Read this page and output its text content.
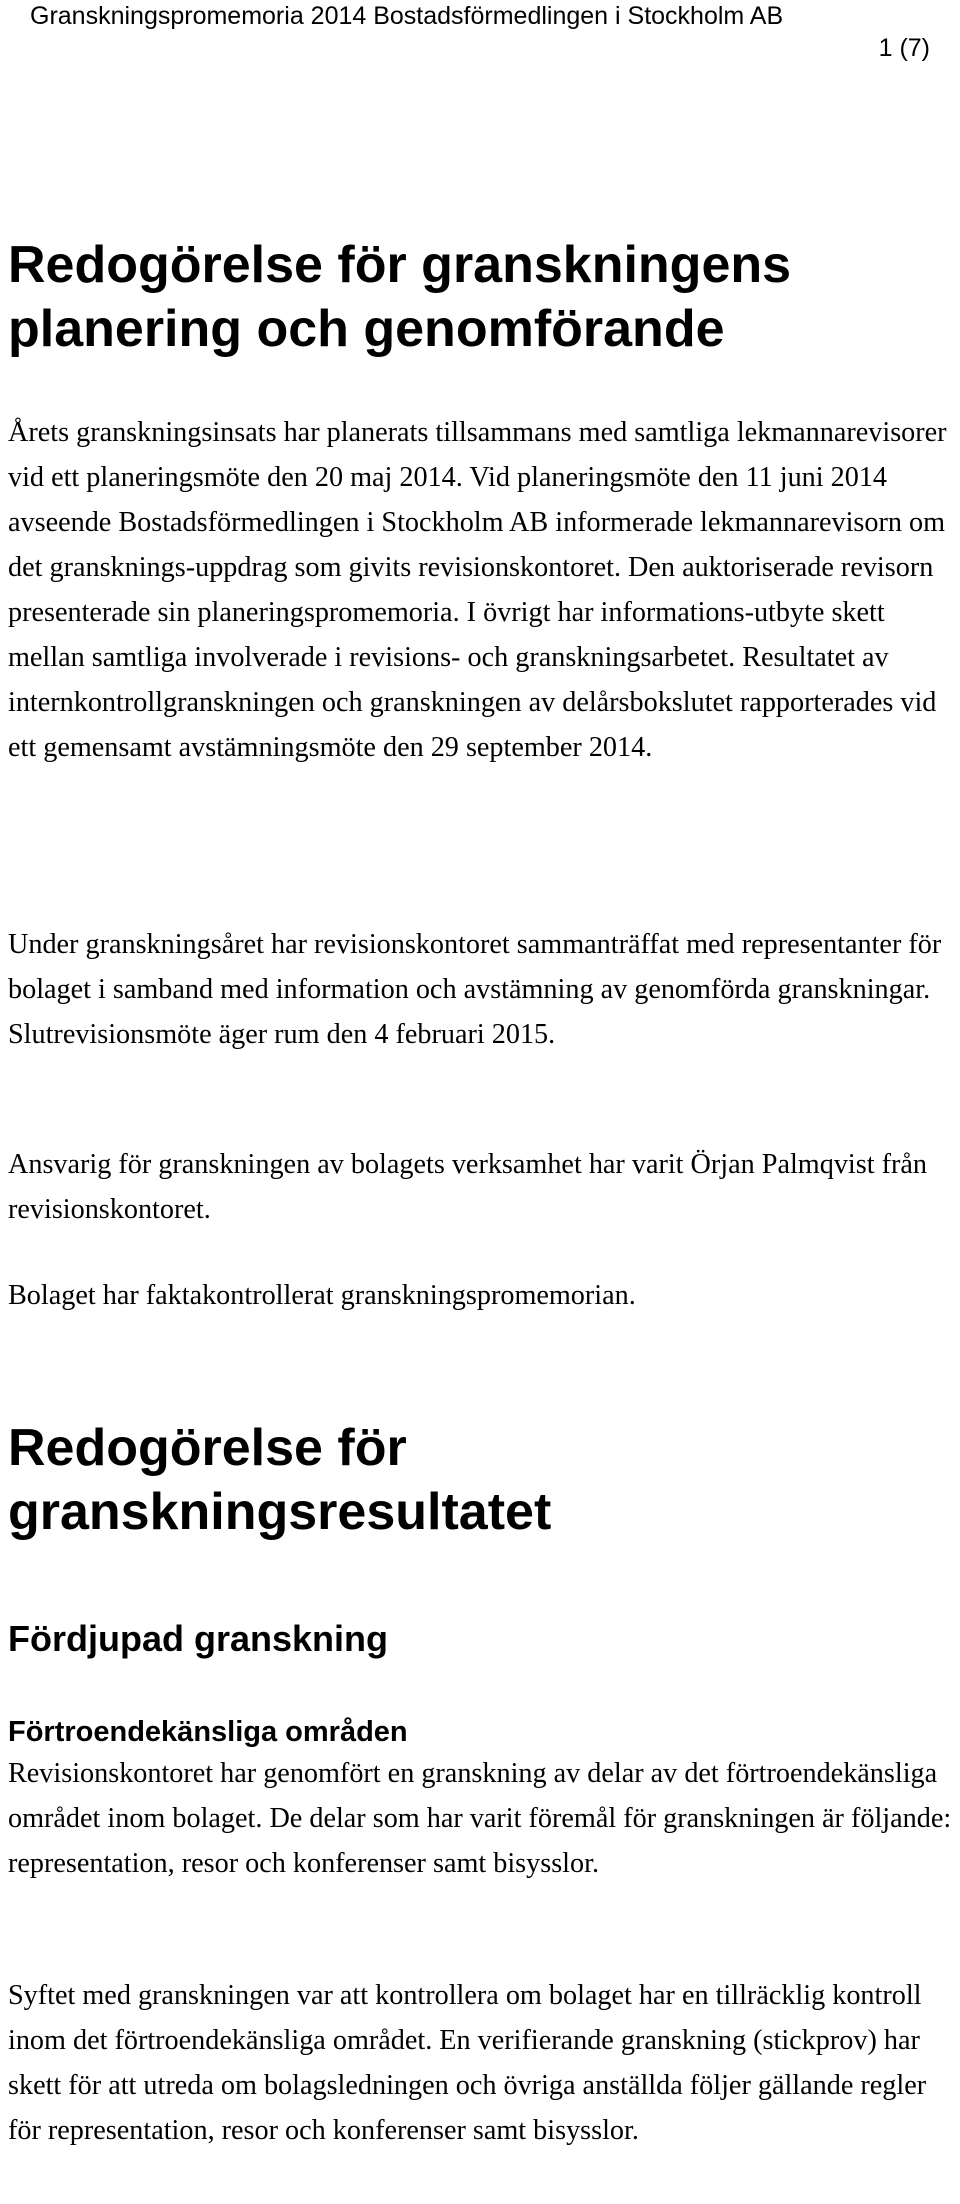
Granskningspromemoria 2014 Bostadsförmedlingen i Stockholm AB
1 (7)
Redogörelse för granskningens planering och genomförande

Årets granskningsinsats har planerats tillsammans med samtliga lekmannarevisorer vid ett planeringsmöte den 20 maj 2014. Vid planeringsmöte den 11 juni 2014 avseende Bostadsförmedlingen i Stockholm AB informerade lekmannarevisorn om det gransknings-uppdrag som givits revisionskontoret. Den auktoriserade revisorn presenterade sin planeringspromemoria. I övrigt har informations-utbyte skett mellan samtliga involverade i revisions- och granskningsarbetet. Resultatet av internkontrollgranskningen och granskningen av delårsbokslutet rapporterades vid ett gemensamt avstämningsmöte den 29 september 2014.

Under granskningsåret har revisionskontoret sammanträffat med representanter för bolaget i samband med information och avstämning av genomförda granskningar. Slutrevisionsmöte äger rum den 4 februari 2015.

Ansvarig för granskningen av bolagets verksamhet har varit Örjan Palmqvist från revisionskontoret.

Bolaget har faktakontrollerat granskningspromemorian.

Redogörelse för granskningsresultatet
Fördjupad granskning
Förtroendekänsliga områden

Revisionskontoret har genomfört en granskning av delar av det förtroendekänsliga området inom bolaget. De delar som har varit föremål för granskningen är följande: representation, resor och konferenser samt bisysslor.

Syftet med granskningen var att kontrollera om bolaget har en tillräcklig kontroll inom det förtroendekänsliga området. En verifierande granskning (stickprov) har skett för att utreda om bolagsledningen och övriga anställda följer gällande regler för representation, resor och konferenser samt bisysslor.
